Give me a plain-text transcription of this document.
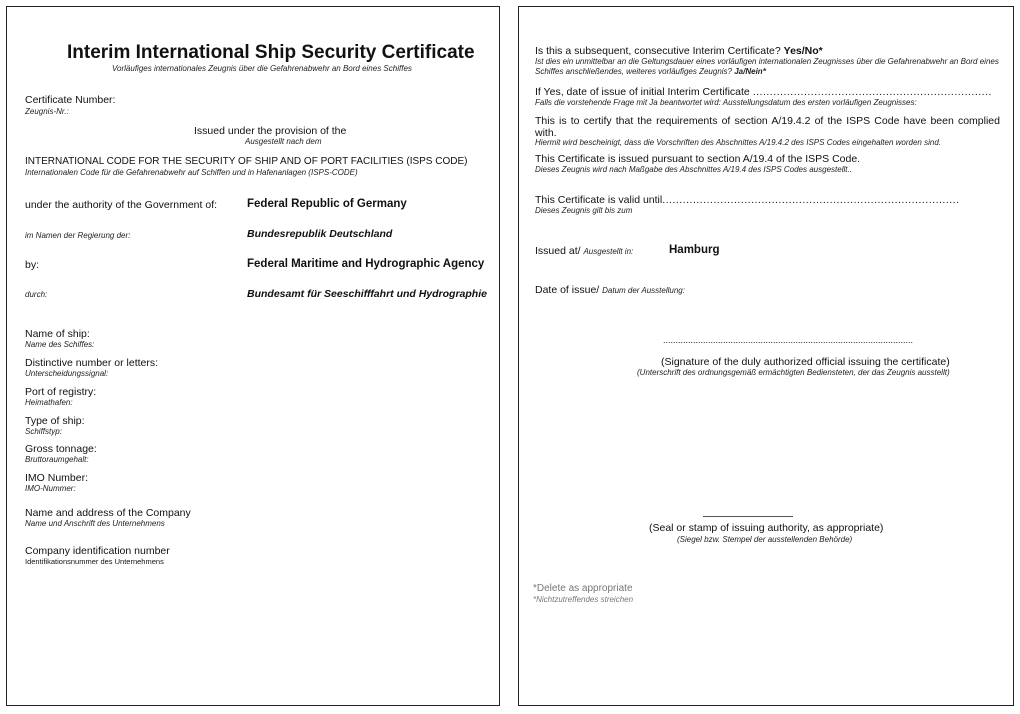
Interim International Ship Security Certificate
Vorläufiges internationales Zeugnis über die Gefahrenabwehr an Bord eines Schiffes
Certificate Number:
Zeugnis-Nr.:
Issued under the provision of the
Ausgestellt nach dem
INTERNATIONAL CODE FOR THE SECURITY OF SHIP AND OF PORT FACILITIES (ISPS CODE)
Internationalen Code für die Gefahrenabwehr auf Schiffen und in Hafenanlagen (ISPS-CODE)
under the authority of the Government of:	Federal Republic of Germany
im Namen der Regierung der:	Bundesrepublik Deutschland
by:	Federal Maritime and Hydrographic Agency
durch:	Bundesamt für Seeschifffahrt und Hydrographie
Name of ship:
Name des Schiffes:
Distinctive number or letters:
Unterscheidungssignal:
Port of registry:
Heimathafen:
Type of ship:
Schiffstyp:
Gross tonnage:
Bruttoraumgehalt:
IMO Number:
IMO-Nummer:
Name and address of the Company
Name und Anschrift des Unternehmens
Company identification number
Identifikationsnummer des Unternehmens
Is this a subsequent, consecutive Interim Certificate? Yes/No*
Ist dies ein unmittelbar an die Geltungsdauer eines vorläufigen internationalen Zeugnisses über die Gefahrenabwehr an Bord eines Schiffes anschließendes, weiteres vorläufiges Zeugnis? Ja/Nein*
If Yes, date of issue of initial Interim Certificate ......................................................................
Falls die vorstehende Frage mit Ja beantwortet wird: Ausstellungsdatum des ersten vorläufigen Zeugnisses:
This is to certify that the requirements of section A/19.4.2 of the ISPS Code have been complied with.
Hiermit wird bescheinigt, dass die Vorschriften des Abschnittes A/19.4.2 des ISPS Codes eingehalten worden sind.
This Certificate is issued pursuant to section A/19.4 of the ISPS Code.
Dieses Zeugnis wird nach Maßgabe des Abschnittes A/19.4 des ISPS Codes ausgestellt..
This Certificate is valid until.......................................................................................
Dieses Zeugnis gilt bis zum
Issued at/ Ausgestellt in:	Hamburg
Date of issue/ Datum der Ausstellung:
....................................................................................................
(Signature of the duly authorized official issuing the certificate)
(Unterschrift des ordnungsgemäß ermächtigten Bediensteten, der das Zeugnis ausstellt)
(Seal or stamp of issuing authority, as appropriate)
(Siegel bzw. Stempel der ausstellenden Behörde)
*Delete as appropriate
*Nichtzutreffendes streichen
